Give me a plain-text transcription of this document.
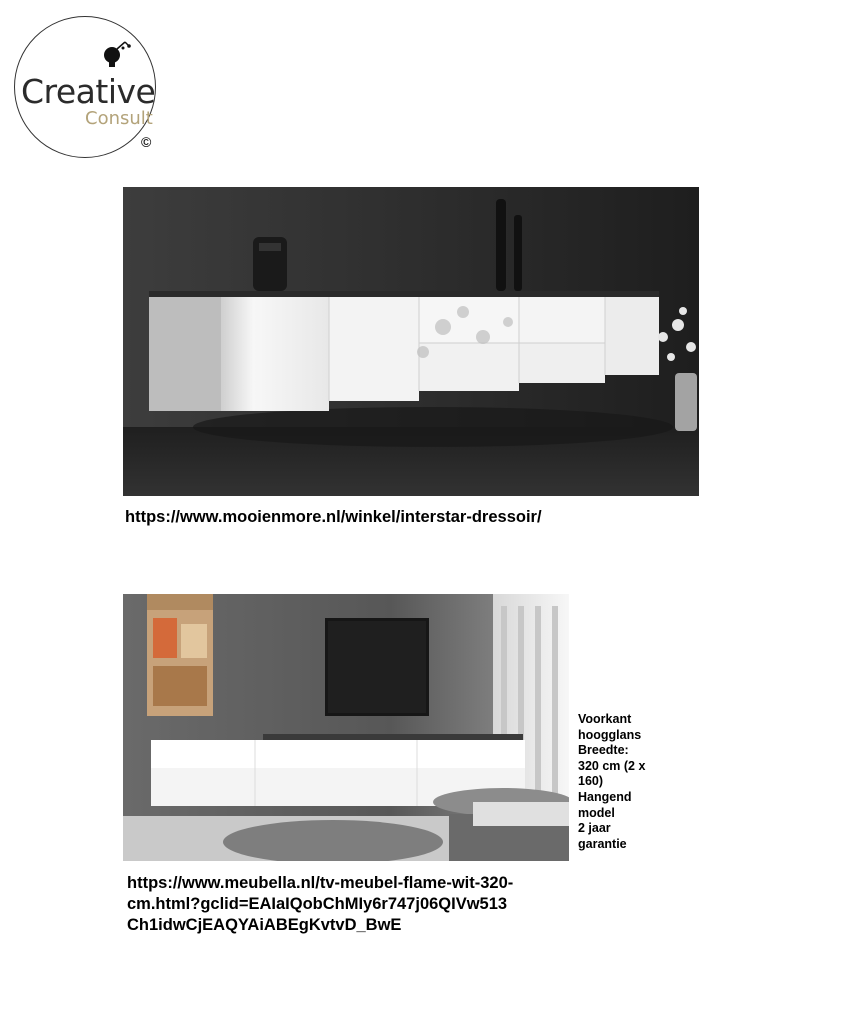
Creative
Consult
©
https://www.mooienmore.nl/winkel/interstar-dressoir/
Voorkant
hoogglans
Breedte:
320 cm (2 x
160)
Hangend
model
2 jaar
garantie
https://www.meubella.nl/tv-meubel-flame-wit-320-
cm.html?gclid=EAIaIQobChMIy6r747j06QIVw513
Ch1idwCjEAQYAiABEgKvtvD_BwE
